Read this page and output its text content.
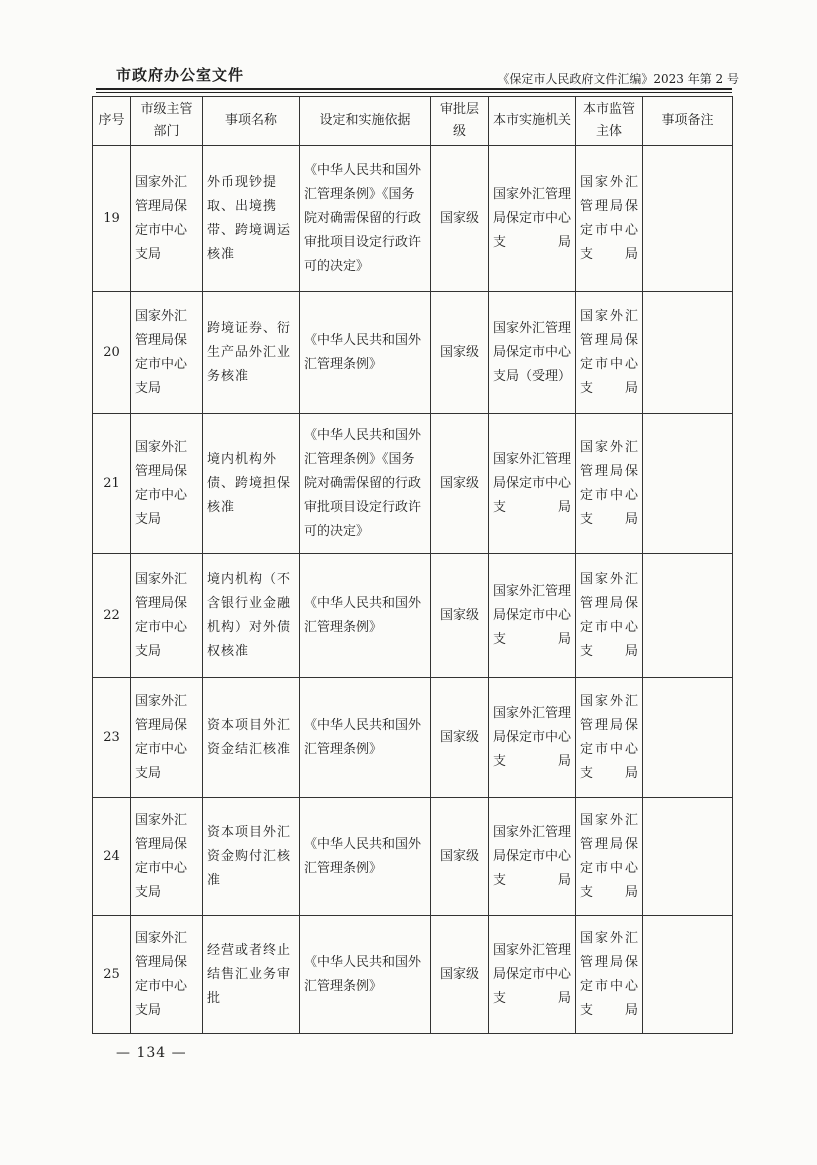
市政府办公室文件	《保定市人民政府文件汇编》2023 年第 2 号
序号	市级主管部门	事项名称	设定和实施依据	审批层级	本市实施机关	本市监管主体	事项备注
19	国家外汇管理局保定市中心支局	外币现钞提取、出境携带、跨境调运核准	《中华人民共和国外汇管理条例》《国务院对确需保留的行政审批项目设定行政许可的决定》	国家级	国家外汇管理局保定市中心支局	国家外汇管理局保定市中心支局	
20	国家外汇管理局保定市中心支局	跨境证券、衍生产品外汇业务核准	《中华人民共和国外汇管理条例》	国家级	国家外汇管理局保定市中心支局（受理）	国家外汇管理局保定市中心支局	
21	国家外汇管理局保定市中心支局	境内机构外债、跨境担保核准	《中华人民共和国外汇管理条例》《国务院对确需保留的行政审批项目设定行政许可的决定》	国家级	国家外汇管理局保定市中心支局	国家外汇管理局保定市中心支局	
22	国家外汇管理局保定市中心支局	境内机构（不含银行业金融机构）对外债权核准	《中华人民共和国外汇管理条例》	国家级	国家外汇管理局保定市中心支局	国家外汇管理局保定市中心支局	
23	国家外汇管理局保定市中心支局	资本项目外汇资金结汇核准	《中华人民共和国外汇管理条例》	国家级	国家外汇管理局保定市中心支局	国家外汇管理局保定市中心支局	
24	国家外汇管理局保定市中心支局	资本项目外汇资金购付汇核准	《中华人民共和国外汇管理条例》	国家级	国家外汇管理局保定市中心支局	国家外汇管理局保定市中心支局	
25	国家外汇管理局保定市中心支局	经营或者终止结售汇业务审批	《中华人民共和国外汇管理条例》	国家级	国家外汇管理局保定市中心支局	国家外汇管理局保定市中心支局	
— 134 —
